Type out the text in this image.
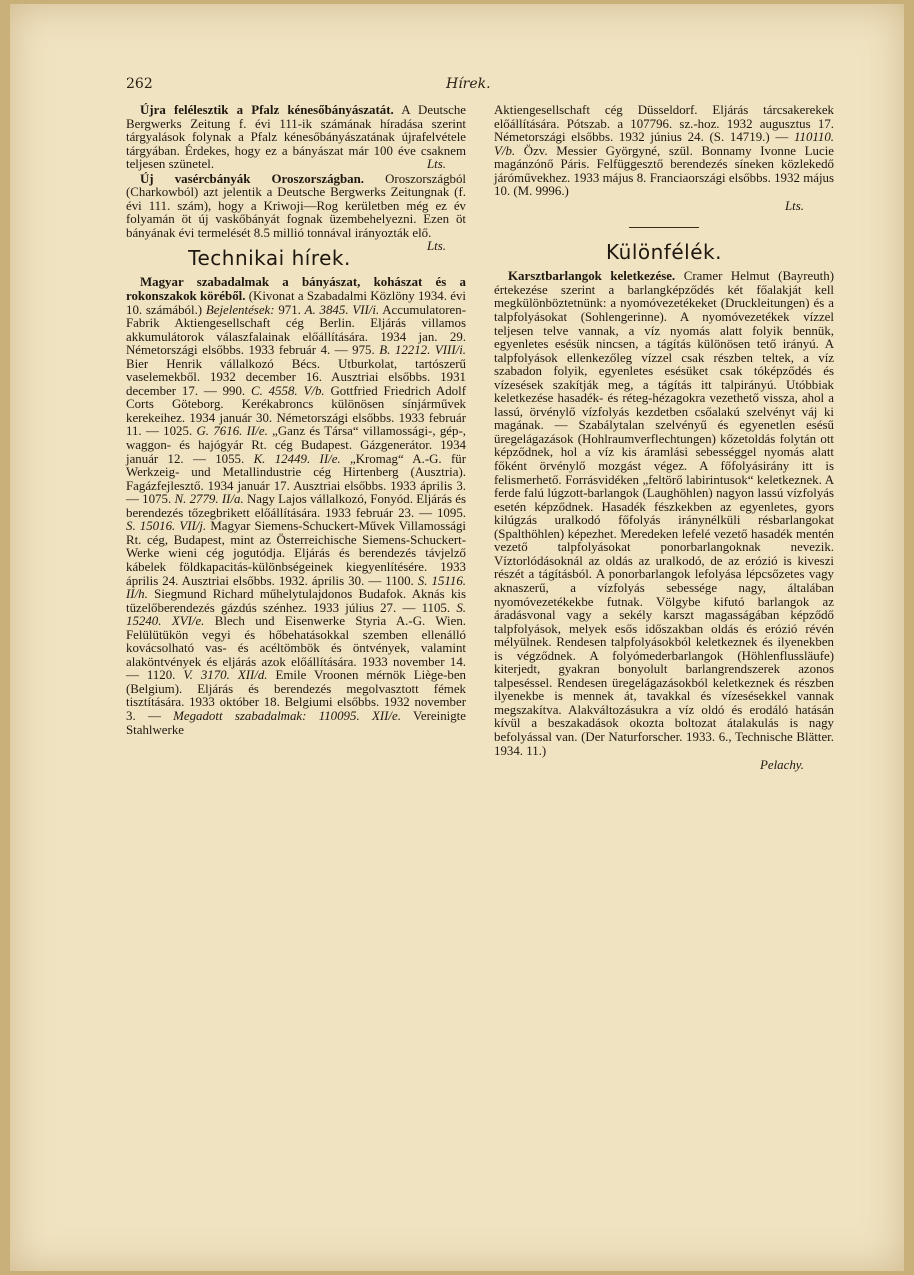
262	Hírek.

Újra felélesztik a Pfalz kénesőbányászatát. A Deutsche Bergwerks Zeitung f. évi 111-ik számának híradása szerint tárgyalások folynak a Pfalz kénesőbányászatának újrafelvétele tárgyában. Érdekes, hogy ez a bányászat már 100 éve csaknem teljesen szünetel.	Lts.

Új vasércbányák Oroszországban. Oroszországból (Charkowból) azt jelentik a Deutsche Bergwerks Zeitungnak (f. évi 111. szám), hogy a Kriwoji—Rog kerületben még ez év folyamán öt új vaskőbányát fognak üzembehelyezni. Ezen öt bányának évi termelését 8.5 millió tonnával irányozták elő.
Lts.

Technikai hírek.

Magyar szabadalmak a bányászat, kohászat és a rokonszakok köréből. (Kivonat a Szabadalmi Közlöny 1934. évi 10. számából.) Bejelentések: 971. A. 3845. VII/i. Accumulatoren-Fabrik Aktiengesellschaft cég Berlin. Eljárás villamos akkumulátorok válaszfalainak előállítására. 1934 jan. 29. Németországi elsőbbs. 1933 február 4. — 975. B. 12212. VIII/i. Bier Henrik vállalkozó Bécs. Utburkolat, tartószerű vaselemekből. 1932 december 16. Ausztriai elsőbbs. 1931 december 17. — 990. C. 4558. V/b. Gottfried Friedrich Adolf Corts Göteborg. Kerékabroncs különösen sínjárművek kerekeihez. 1934 január 30. Németországi elsőbbs. 1933 február 11. — 1025. G. 7616. II/e. „Ganz és Társa“ villamossági-, gép-, waggon- és hajógyár Rt. cég Budapest. Gázgenerátor. 1934 január 12. — 1055. K. 12449. II/e. „Kromag“ A.-G. für Werkzeig- und Metallindustrie cég Hirtenberg (Ausztria). Fagázfejlesztő. 1934 január 17. Ausztriai elsőbbs. 1933 április 3. — 1075. N. 2779. II/a. Nagy Lajos vállalkozó, Fonyód. Eljárás és berendezés tőzegbrikett előállítására. 1933 február 23. — 1095. S. 15016. VII/j. Magyar Siemens-Schuckert-Művek Villamossági Rt. cég, Budapest, mint az Österreichische Siemens-Schuckert-Werke wieni cég jogutódja. Eljárás és berendezés távjelző kábelek földkapacitás-különbségeinek kiegyenlítésére. 1933 április 24. Ausztriai elsőbbs. 1932. április 30. — 1100. S. 15116. II/h. Siegmund Richard műhelytulajdonos Budafok. Aknás kis tüzelőberendezés gázdús szénhez. 1933 július 27. — 1105. S. 15240. XVI/e. Blech und Eisenwerke Styria A.-G. Wien. Felülütükön vegyi és hőbehatásokkal szemben ellenálló kovácsolható vas- és acéltömbök és öntvények, valamint alaköntvények és eljárás azok előállítására. 1933 november 14. — 1120. V. 3170. XII/d. Emile Vroonen mérnök Liège-ben (Belgium). Eljárás és berendezés megolvasztott fémek tisztítására. 1933 október 18. Belgiumi elsőbbs. 1932 november 3. — Megadott szabadalmak: 110095. XII/e. Vereinigte Stahlwerke

Aktiengesellschaft cég Düsseldorf. Eljárás tárcsakerekek előállítására. Pótszab. a 107796. sz.-hoz. 1932 augusztus 17. Németországi elsőbbs. 1932 június 24. (S. 14719.) — 110110. V/b. Özv. Messier Györgyné, szül. Bonnamy Ivonne Lucie magánzónő Páris. Felfüggesztő berendezés síneken közlekedő járóművekhez. 1933 május 8. Franciaországi elsőbbs. 1932 május 10. (M. 9996.)

Lts.
Különfélék.

Karsztbarlangok keletkezése. Cramer Helmut (Bayreuth) értekezése szerint a barlangképződés két főalakját kell megkülönböztetnünk: a nyomóvezetékeket (Druckleitungen) és a talpfolyásokat (Sohlengerinne). A nyomóvezetékek vízzel teljesen telve vannak, a víz nyomás alatt folyik bennük, egyenletes esésük nincsen, a tágítás különösen tető irányú. A talpfolyások ellenkezőleg vízzel csak részben teltek, a víz szabadon folyik, egyenletes esésüket csak tóképződés és vízesések szakítják meg, a tágítás itt talpirányú. Utóbbiak keletkezése hasadék- és réteg-hézagokra vezethető vissza, ahol a lassú, örvénylő vízfolyás kezdetben csőalakú szelvényt váj ki magának. — Szabálytalan szelvényű és egyenetlen esésű üregelágazások (Hohlraumverflechtungen) kőzetoldás folytán ott képződnek, hol a víz kis áramlási sebességgel nyomás alatt főként örvénylő mozgást végez. A főfolyásirány itt is felismerhető. Forrásvidéken „feltörő labirintusok“ keletkeznek. A ferde falú lúgzott-barlangok (Laughöhlen) nagyon lassú vízfolyás esetén képződnek. Hasadék fészkekben az egyenletes, gyors kilúgzás uralkodó főfolyás iránynélküli résbarlangokat (Spalthöhlen) képezhet. Meredeken lefelé vezető hasadék mentén vezető talpfolyásokat ponorbarlangoknak nevezik. Víztorlódásoknál az oldás az uralkodó, de az erózió is kiveszi részét a tágításból. A ponorbarlangok lefolyása lépcsőzetes vagy aknaszerű, a vízfolyás sebessége nagy, általában nyomóvezetékekbe futnak. Völgybe kifutó barlangok az áradásvonal vagy a sekély karszt magasságában képződő talpfolyások, melyek esős időszakban oldás és erózió révén mélyülnek. Rendesen talpfolyásokból keletkeznek és ilyenekben is végződnek. A folyómederbarlangok (Höhlenflussläufe) kiterjedt, gyakran bonyolult barlangrendszerek azonos talpeséssel. Rendesen üregelágazásokból keletkeznek és részben ilyenekbe is mennek át, tavakkal és vízesésekkel vannak megszakítva. Alakváltozásukra a víz oldó és erodáló hatásán kívül a beszakadások okozta boltozat átalakulás is nagy befolyással van. (Der Naturforscher. 1933. 6., Technische Blätter. 1934. 11.)

Pelachy.
